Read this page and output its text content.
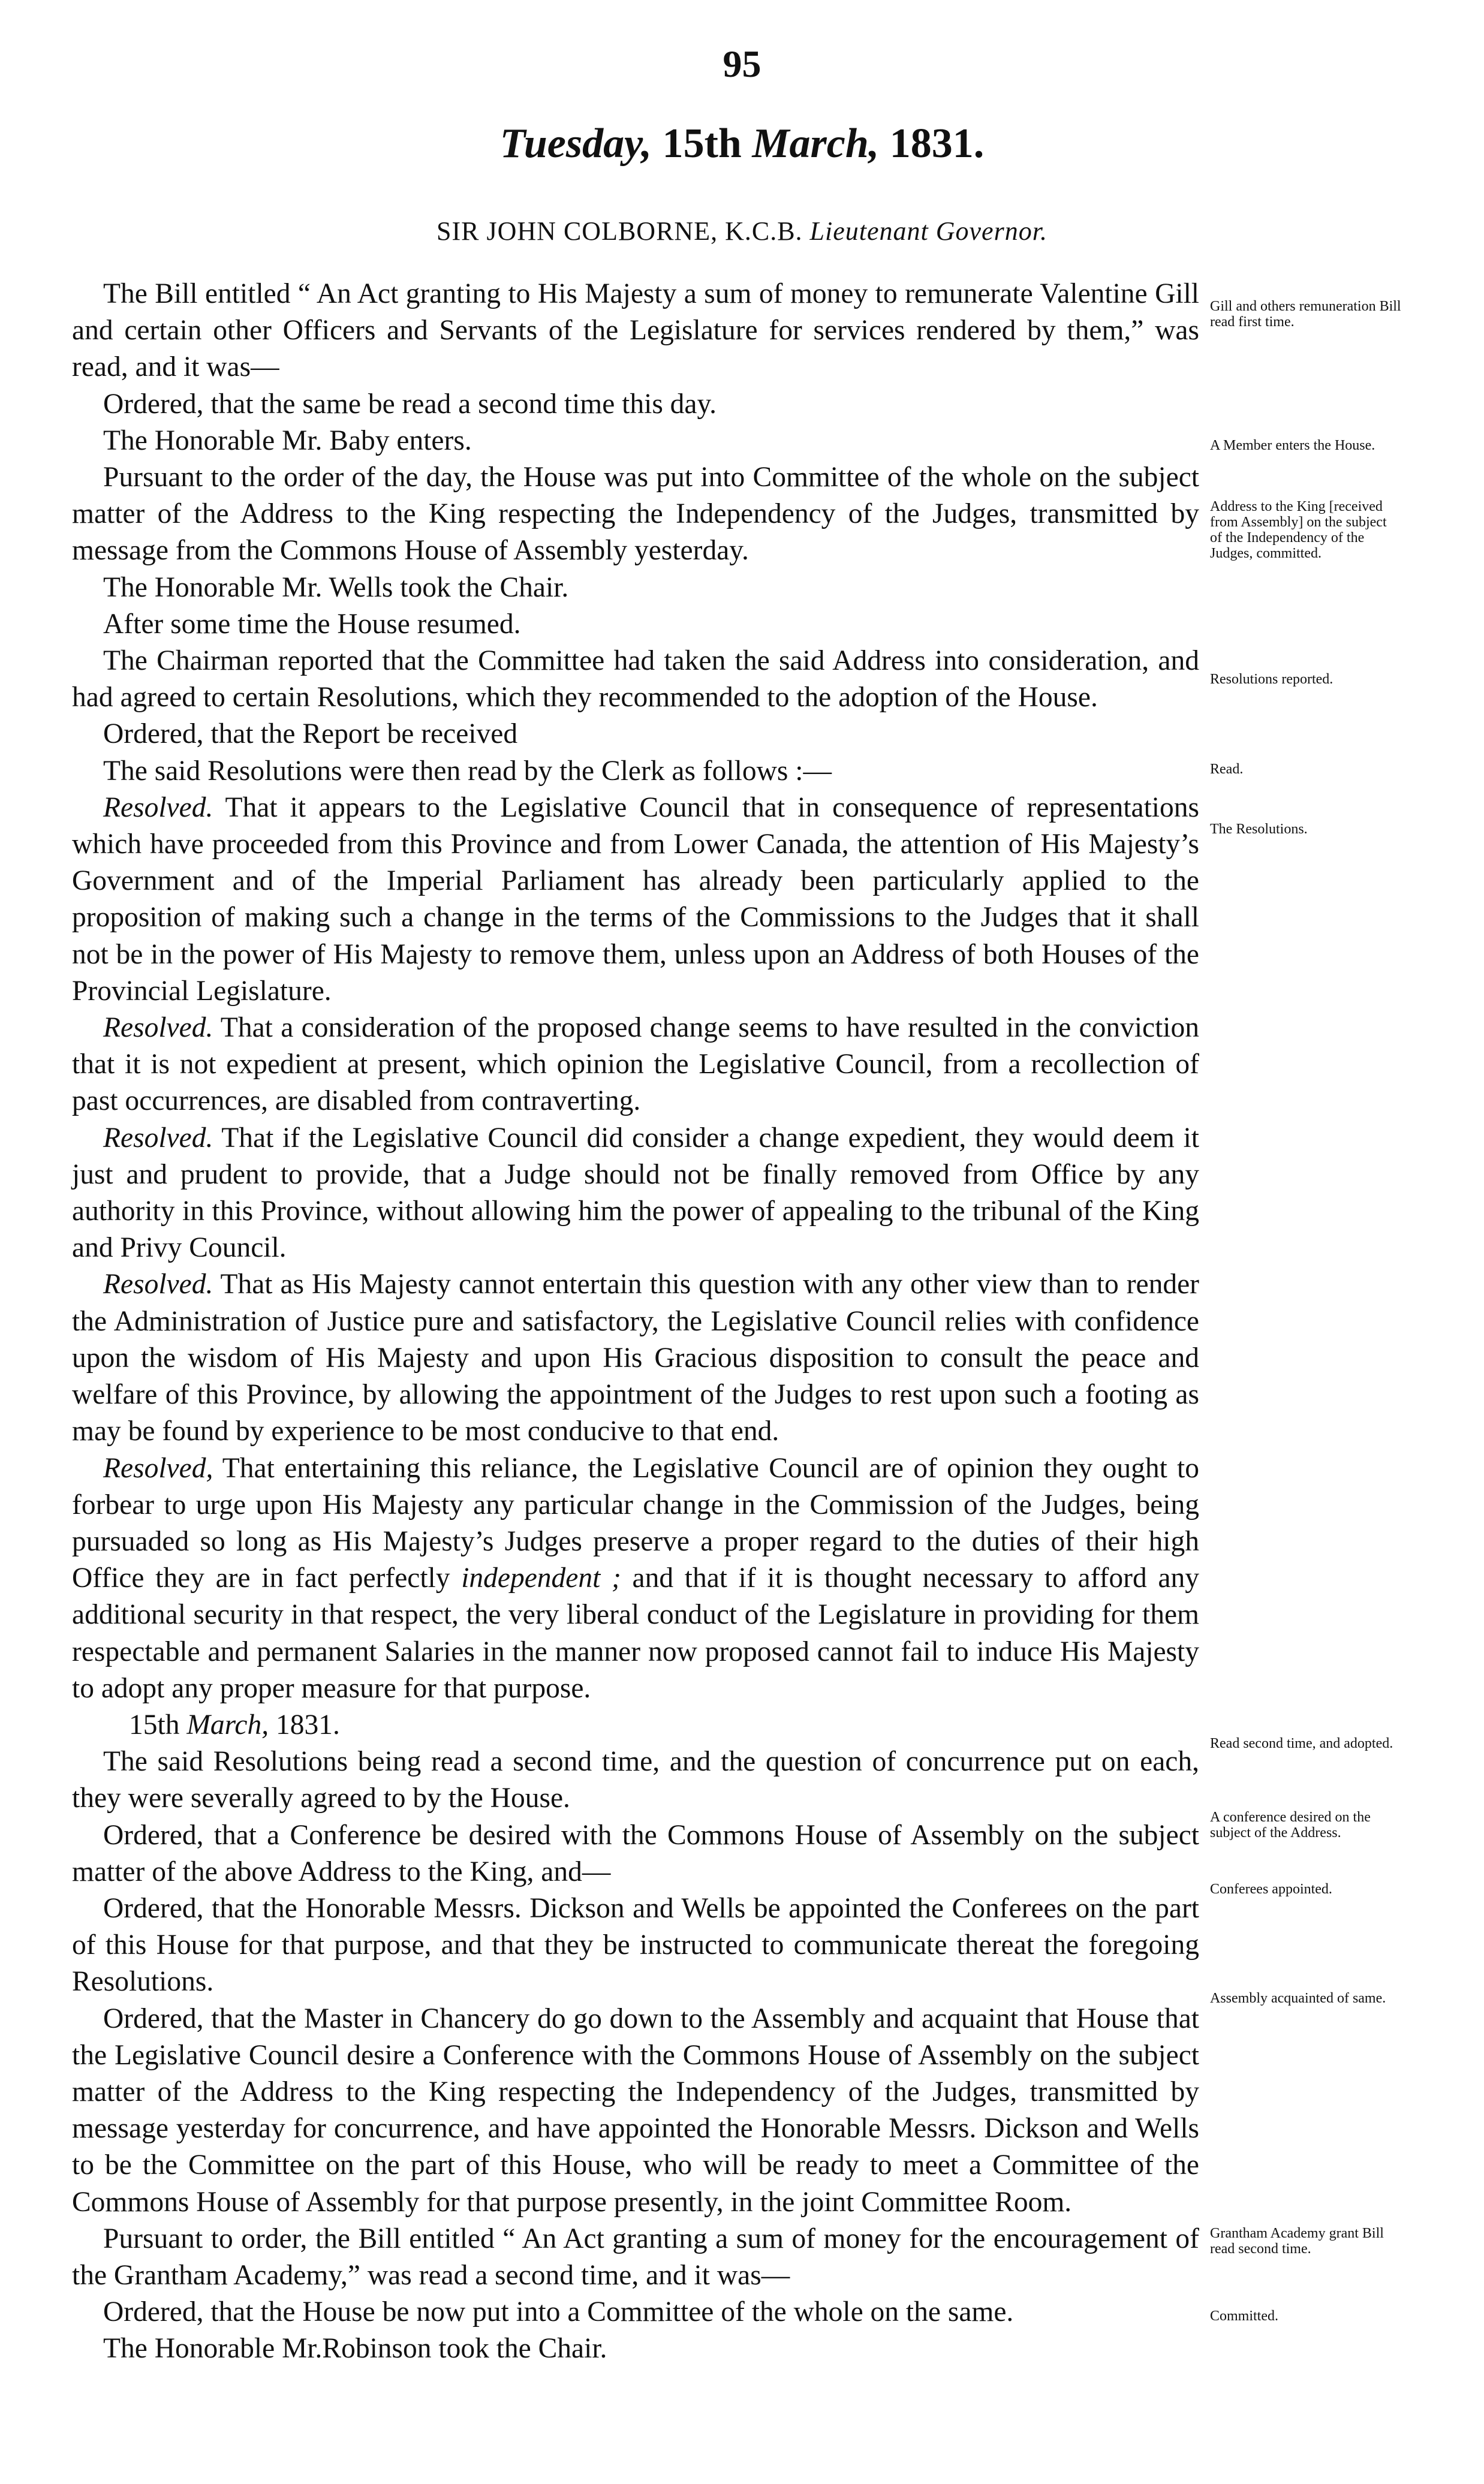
95
Tuesday, 15th March, 1831.
SIR JOHN COLBORNE, K.C.B. Lieutenant Governor.

The Bill entitled “ An Act granting to His Majesty a sum of money to remunerate Valentine Gill and certain other Officers and Servants of the Legislature for services rendered by them,” was read, and it was—

Ordered, that the same be read a second time this day.

The Honorable Mr. Baby enters.

Pursuant to the order of the day, the House was put into Committee of the whole on the subject matter of the Address to the King respecting the Independency of the Judges, transmitted by message from the Commons House of Assembly yesterday.

The Honorable Mr. Wells took the Chair.

After some time the House resumed.

The Chairman reported that the Committee had taken the said Address into consideration, and had agreed to certain Resolutions, which they recommended to the adoption of the House.

Ordered, that the Report be received

The said Resolutions were then read by the Clerk as follows :—

Resolved. That it appears to the Legislative Council that in consequence of representations which have proceeded from this Province and from Lower Canada, the attention of His Majesty’s Government and of the Imperial Parliament has already been particularly applied to the proposition of making such a change in the terms of the Commissions to the Judges that it shall not be in the power of His Majesty to remove them, unless upon an Address of both Houses of the Provincial Legislature.

Resolved. That a consideration of the proposed change seems to have resulted in the conviction that it is not expedient at present, which opinion the Legislative Council, from a recollection of past occurrences, are disabled from contraverting.

Resolved. That if the Legislative Council did consider a change expedient, they would deem it just and prudent to provide, that a Judge should not be finally removed from Office by any authority in this Province, without allowing him the power of appealing to the tribunal of the King and Privy Council.

Resolved. That as His Majesty cannot entertain this question with any other view than to render the Administration of Justice pure and satisfactory, the Legislative Council relies with confidence upon the wisdom of His Majesty and upon His Gracious disposition to consult the peace and welfare of this Province, by allowing the appointment of the Judges to rest upon such a footing as may be found by experience to be most conducive to that end.

Resolved, That entertaining this reliance, the Legislative Council are of opinion they ought to forbear to urge upon His Majesty any particular change in the Commission of the Judges, being pursuaded so long as His Majesty’s Judges preserve a proper regard to the duties of their high Office they are in fact perfectly independent ; and that if it is thought necessary to afford any additional security in that respect, the very liberal conduct of the Legislature in providing for them respectable and permanent Salaries in the manner now proposed cannot fail to induce His Majesty to adopt any proper measure for that purpose.

15th March, 1831.

The said Resolutions being read a second time, and the question of concurrence put on each, they were severally agreed to by the House.

Ordered, that a Conference be desired with the Commons House of Assembly on the subject matter of the above Address to the King, and—

Ordered, that the Honorable Messrs. Dickson and Wells be appointed the Conferees on the part of this House for that purpose, and that they be instructed to communicate thereat the foregoing Resolutions.

Ordered, that the Master in Chancery do go down to the Assembly and acquaint that House that the Legislative Council desire a Conference with the Commons House of Assembly on the subject matter of the Address to the King respecting the Independency of the Judges, transmitted by message yesterday for concurrence, and have appointed the Honorable Messrs. Dickson and Wells to be the Committee on the part of this House, who will be ready to meet a Committee of the Commons House of Assembly for that purpose presently, in the joint Committee Room.

Pursuant to order, the Bill entitled “ An Act granting a sum of money for the encouragement of the Grantham Academy,” was read a second time, and it was—

Ordered, that the House be now put into a Committee of the whole on the same.

The Honorable Mr.Robinson took the Chair.

Gill and others remuneration Bill read first time.
A Member enters the House.
Address to the King [received from Assembly] on the subject of the Independency of the Judges, committed.
Resolutions reported.
Read.
The Resolutions.
Read second time, and adopted.
A conference desired on the subject of the Address.
Conferees appointed.
Assembly acquainted of same.
Grantham Academy grant Bill read second time.
Committed.
